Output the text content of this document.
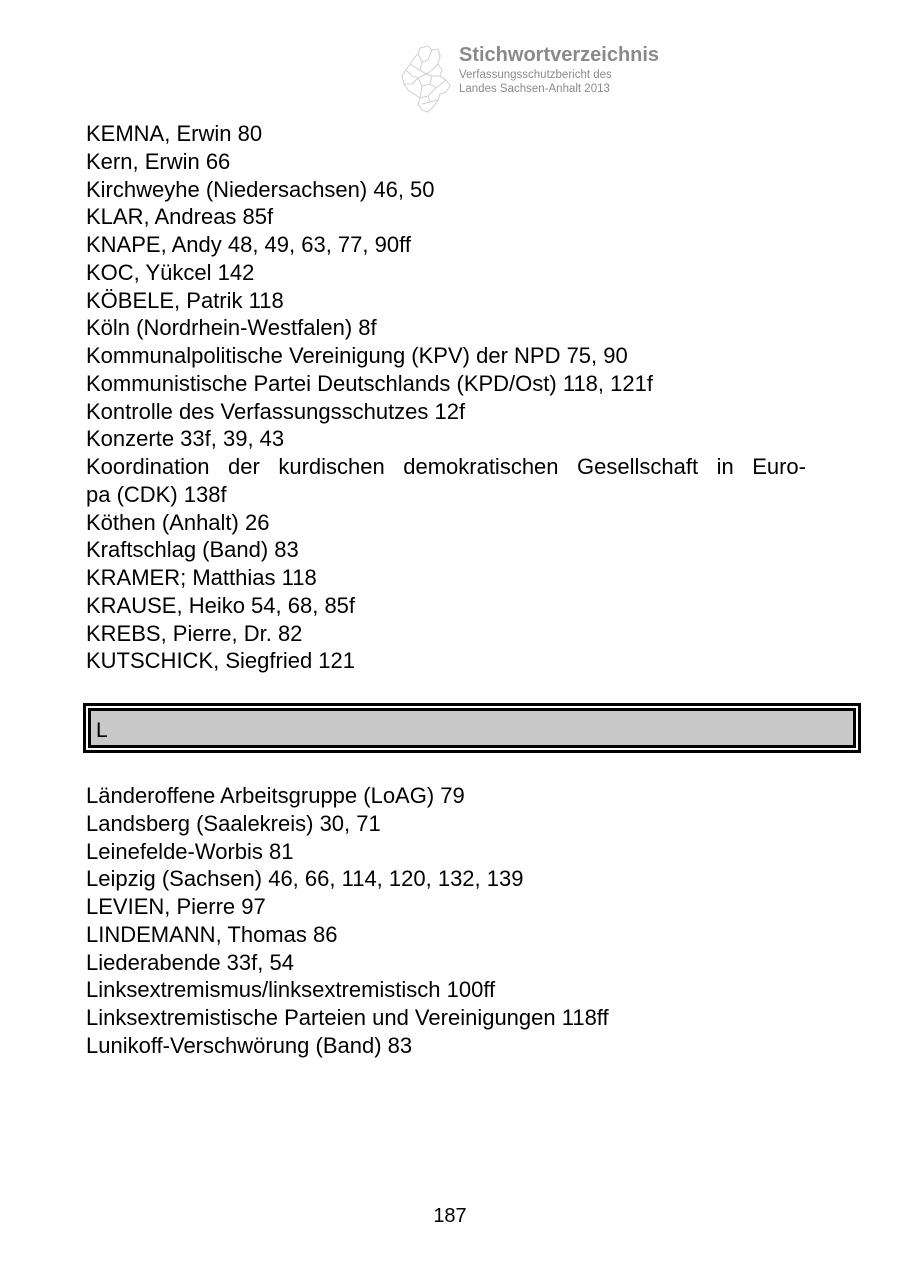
Stichwortverzeichnis
Verfassungsschutzbericht des
Landes Sachsen-Anhalt 2013
KEMNA, Erwin 80
Kern, Erwin 66
Kirchweyhe (Niedersachsen) 46, 50
KLAR, Andreas 85f
KNAPE, Andy 48, 49, 63, 77, 90ff
KOC, Yükcel 142
KÖBELE, Patrik 118
Köln (Nordrhein-Westfalen) 8f
Kommunalpolitische Vereinigung (KPV) der NPD 75, 90
Kommunistische Partei Deutschlands (KPD/Ost) 118, 121f
Kontrolle des Verfassungsschutzes 12f
Konzerte 33f, 39, 43
Koordination der kurdischen demokratischen Gesellschaft in Euro-
pa (CDK) 138f
Köthen (Anhalt) 26
Kraftschlag (Band) 83
KRAMER; Matthias 118
KRAUSE, Heiko 54, 68, 85f
KREBS, Pierre, Dr. 82
KUTSCHICK, Siegfried 121
L
Länderoffene Arbeitsgruppe (LoAG) 79
Landsberg (Saalekreis) 30, 71
Leinefelde-Worbis 81
Leipzig (Sachsen) 46, 66, 114, 120, 132, 139
LEVIEN, Pierre 97
LINDEMANN, Thomas 86
Liederabende 33f, 54
Linksextremismus/linksextremistisch 100ff
Linksextremistische Parteien und Vereinigungen 118ff
Lunikoff-Verschwörung (Band) 83
187
